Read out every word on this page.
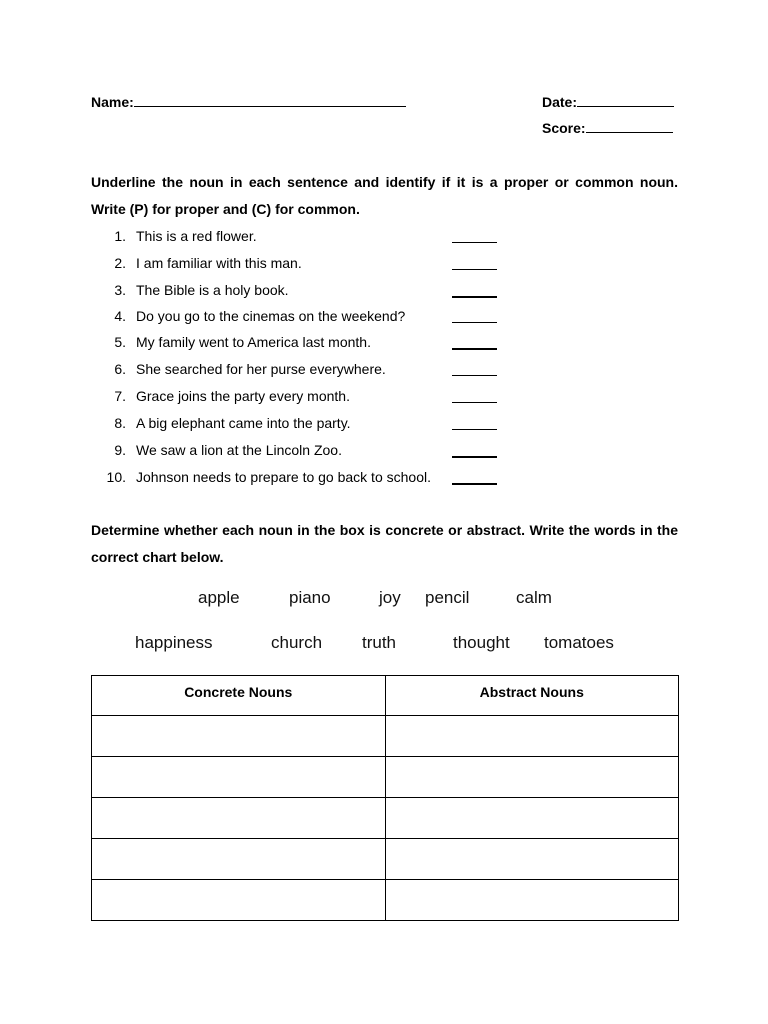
Name:	Date:
Score:
Underline the noun in each sentence and identify if it is a proper or common noun. Write (P) for proper and (C) for common.
1. This is a red flower.
2. I am familiar with this man.
3. The Bible is a holy book.
4. Do you go to the cinemas on the weekend?
5. My family went to America last month.
6. She searched for her purse everywhere.
7. Grace joins the party every month.
8. A big elephant came into the party.
9. We saw a lion at the Lincoln Zoo.
10. Johnson needs to prepare to go back to school.
Determine whether each noun in the box is concrete or abstract. Write the words in the correct chart below.
apple	piano	joy pencil	calm
happiness	church truth	thought tomatoes
Concrete Nouns	Abstract Nouns
